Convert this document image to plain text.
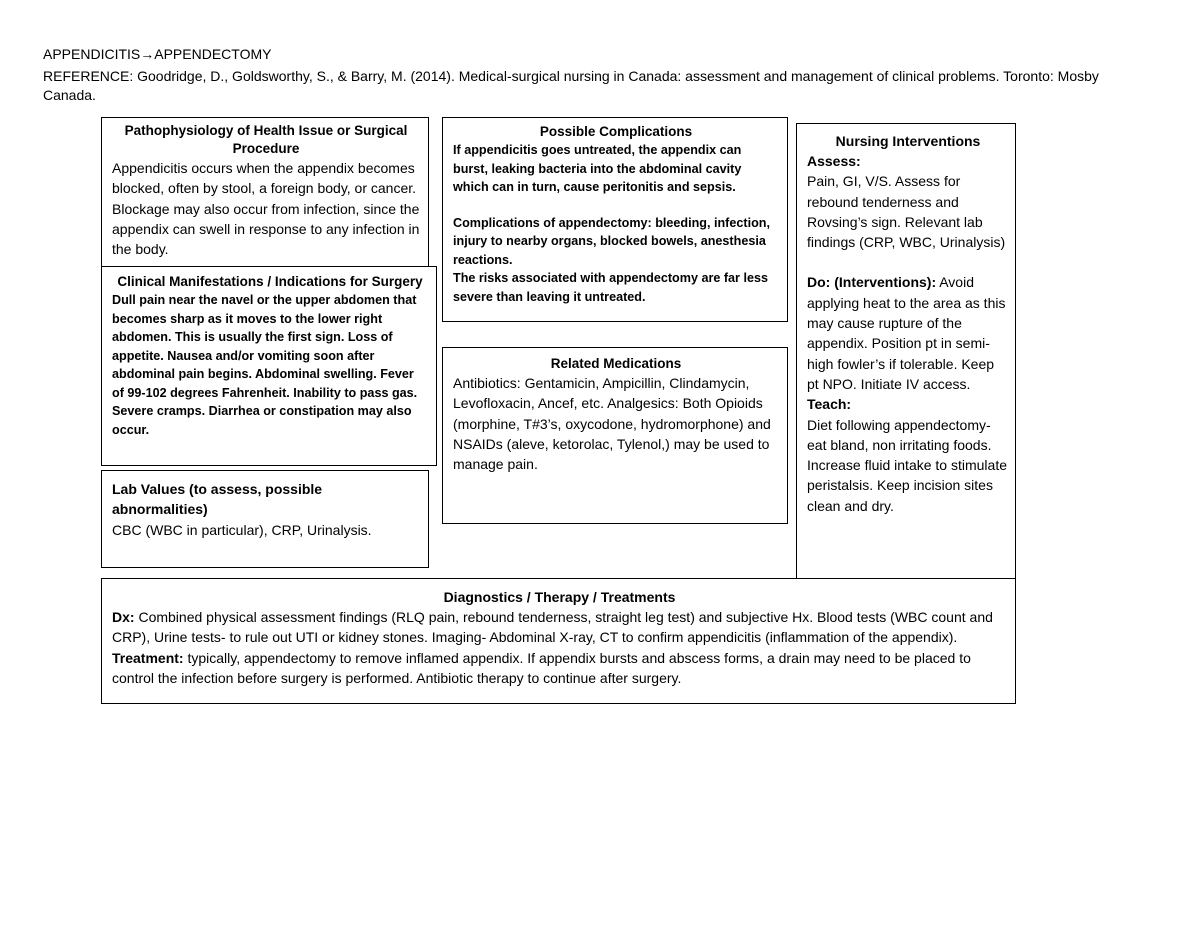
APPENDICITIS→APPENDECTOMY
REFERENCE: Goodridge, D., Goldsworthy, S., & Barry, M. (2014). Medical-surgical nursing in Canada: assessment and management of clinical problems. Toronto: Mosby Canada.
Pathophysiology of Health Issue or Surgical Procedure
Appendicitis occurs when the appendix becomes blocked, often by stool, a foreign body, or cancer. Blockage may also occur from infection, since the appendix can swell in response to any infection in the body.
Clinical Manifestations / Indications for Surgery
Dull pain near the navel or the upper abdomen that becomes sharp as it moves to the lower right abdomen. This is usually the first sign. Loss of appetite. Nausea and/or vomiting soon after abdominal pain begins. Abdominal swelling. Fever of 99-102 degrees Fahrenheit. Inability to pass gas. Severe cramps. Diarrhea or constipation may also occur.
Lab Values (to assess, possible abnormalities)
CBC (WBC in particular), CRP, Urinalysis.
Possible Complications

If appendicitis goes untreated, the appendix can burst, leaking bacteria into the abdominal cavity which can in turn, cause peritonitis and sepsis.

Complications of appendectomy: bleeding, infection, injury to nearby organs, blocked bowels, anesthesia reactions.

The risks associated with appendectomy are far less severe than leaving it untreated.

Related Medications
Antibiotics: Gentamicin, Ampicillin, Clindamycin, Levofloxacin, Ancef, etc. Analgesics: Both Opioids (morphine, T#3’s, oxycodone, hydromorphone) and NSAIDs (aleve, ketorolac, Tylenol,) may be used to manage pain.
Nursing Interventions
Assess:
Pain, GI, V/S. Assess for rebound tenderness and Rovsing’s sign. Relevant lab findings (CRP, WBC, Urinalysis)
Do: (Interventions): Avoid applying heat to the area as this may cause rupture of the appendix. Position pt in semi-high fowler’s if tolerable. Keep pt NPO. Initiate IV access.
Teach:
Diet following appendectomy- eat bland, non irritating foods. Increase fluid intake to stimulate peristalsis. Keep incision sites clean and dry.
Diagnostics / Therapy / Treatments
Dx: Combined physical assessment findings (RLQ pain, rebound tenderness, straight leg test) and subjective Hx. Blood tests (WBC count and CRP), Urine tests- to rule out UTI or kidney stones. Imaging- Abdominal X-ray, CT to confirm appendicitis (inflammation of the appendix). Treatment: typically, appendectomy to remove inflamed appendix. If appendix bursts and abscess forms, a drain may need to be placed to control the infection before surgery is performed. Antibiotic therapy to continue after surgery.
